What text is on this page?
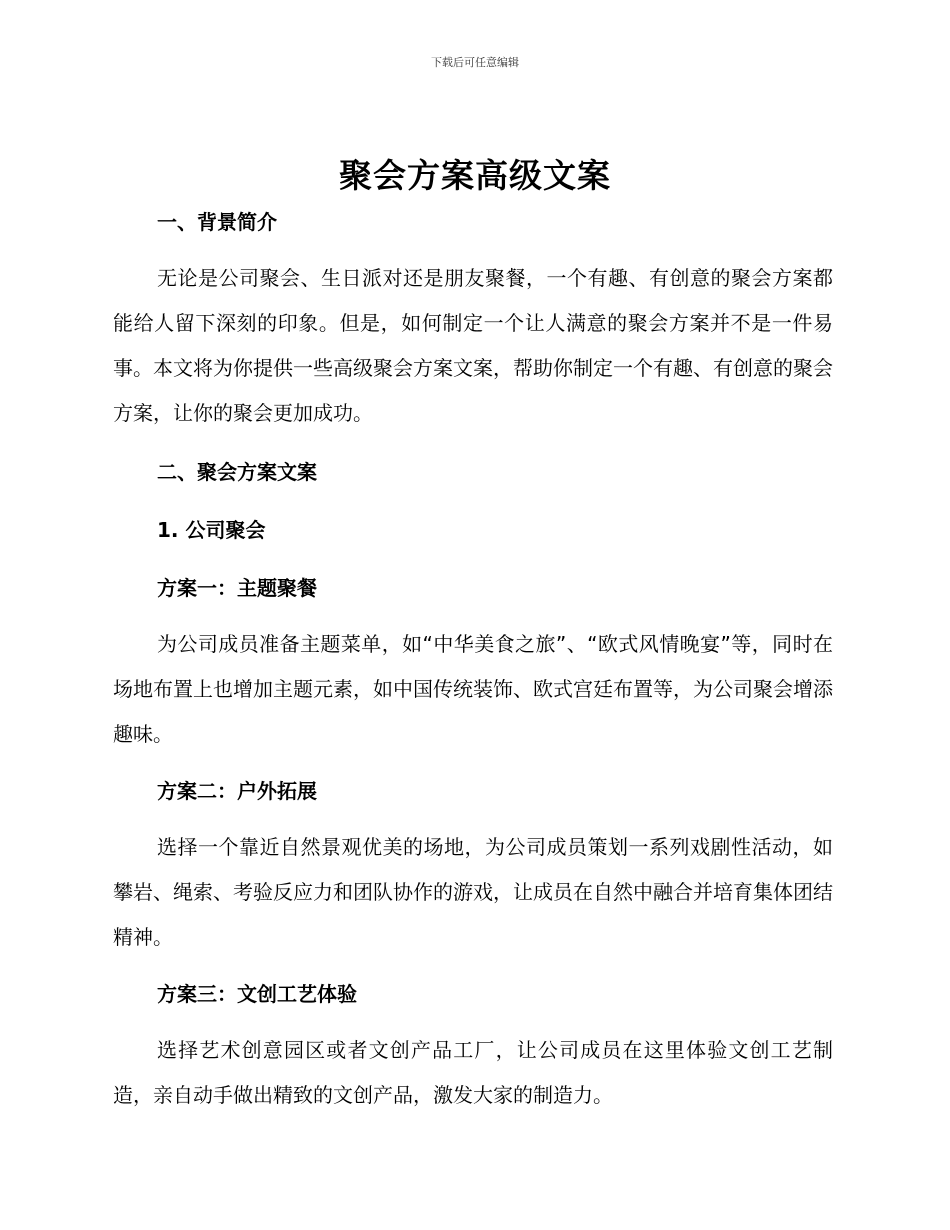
下载后可任意编辑
聚会方案高级文案
一、背景简介

无论是公司聚会、生日派对还是朋友聚餐，一个有趣、有创意的聚会方案都能给人留下深刻的印象。但是，如何制定一个让人满意的聚会方案并不是一件易事。本文将为你提供一些高级聚会方案文案，帮助你制定一个有趣、有创意的聚会方案，让你的聚会更加成功。

二、聚会方案文案
1. 公司聚会
方案一：主题聚餐

为公司成员准备主题菜单，如“中华美食之旅”、“欧式风情晚宴”等，同时在场地布置上也增加主题元素，如中国传统装饰、欧式宫廷布置等，为公司聚会增添趣味。

方案二：户外拓展

选择一个靠近自然景观优美的场地，为公司成员策划一系列戏剧性活动，如攀岩、绳索、考验反应力和团队协作的游戏，让成员在自然中融合并培育集体团结精神。

方案三：文创工艺体验

选择艺术创意园区或者文创产品工厂，让公司成员在这里体验文创工艺制造，亲自动手做出精致的文创产品，激发大家的制造力。
